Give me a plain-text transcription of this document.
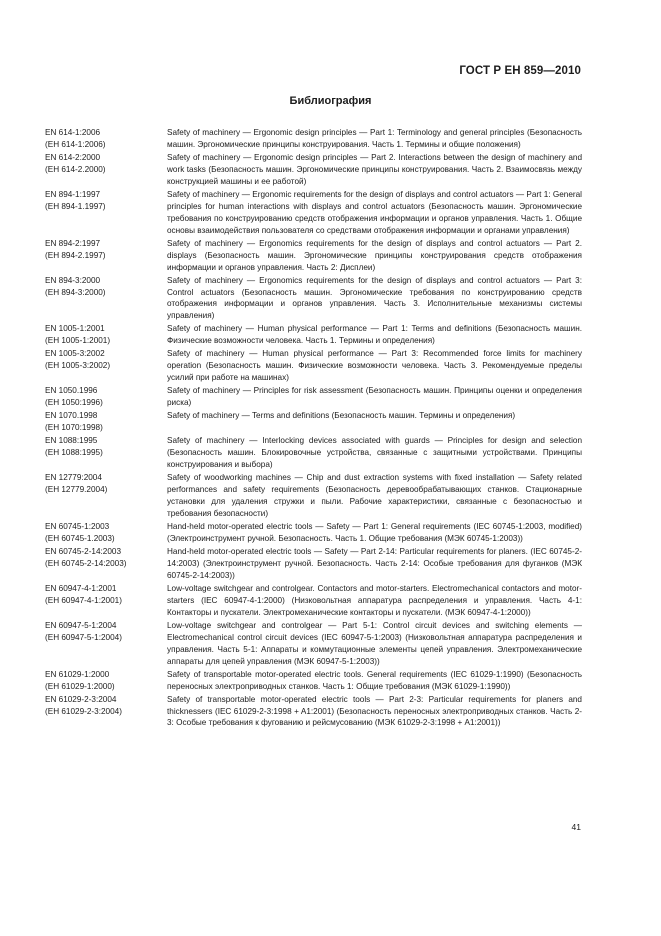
ГОСТ Р ЕН 859—2010
Библиография
EN 614-1:2006
(ЕН 614-1:2006)
Safety of machinery — Ergonomic design principles — Part 1: Terminology and general principles (Безопасность машин. Эргономические принципы конструирования. Часть 1. Термины и общие положения)
EN 614-2:2000
(ЕН 614-2.2000)
Safety of machinery — Ergonomic design principles — Part 2. Interactions between the design of machinery and work tasks (Безопасность машин. Эргономические принципы конструирования. Часть 2. Взаимосвязь между конструкцией машины и ее работой)
EN 894-1:1997
(ЕН 894-1.1997)
Safety of machinery — Ergonomic requirements for the design of displays and control actuators — Part 1: General principles for human interactions with displays and control actuators (Безопасность машин. Эргономические требования по конструированию средств отображения информации и органов управления. Часть 1. Общие основы взаимодействия пользователя со средствами отображения информации и органами управления)
EN 894-2:1997
(ЕН 894-2.1997)
Safety of machinery — Ergonomics requirements for the design of displays and control actuators — Part 2. displays (Безопасность машин. Эргономические принципы конструирования средств отображения информации и органов управления. Часть 2: Дисплеи)
EN 894-3:2000
(ЕН 894-3:2000)
Safety of machinery — Ergonomics requirements for the design of displays and control actuators — Part 3: Control actuators (Безопасность машин. Эргономические требования по конструированию средств отображения информации и органов управления. Часть 3. Исполнительные механизмы системы управления)
EN 1005-1:2001
(ЕН 1005-1:2001)
Safety of machinery — Human physical performance — Part 1: Terms and definitions (Безопасность машин. Физические возможности человека. Часть 1. Термины и определения)
EN 1005-3:2002
(ЕН 1005-3:2002)
Safety of machinery — Human physical performance — Part 3: Recommended force limits for machinery operation (Безопасность машин. Физические возможности человека. Часть 3. Рекомендуемые пределы усилий при работе на машинах)
EN 1050.1996
(ЕН 1050:1996)
Safety of machinery — Principles for risk assessment (Безопасность машин. Принципы оценки и определения риска)
EN 1070.1998
(ЕН 1070:1998)
Safety of machinery — Terms and definitions (Безопасность машин. Термины и определения)
EN 1088:1995
(ЕН 1088:1995)
Safety of machinery — Interlocking devices associated with guards — Principles for design and selection (Безопасность машин. Блокировочные устройства, связанные с защитными устройствами. Принципы конструирования и выбора)
EN 12779:2004
(ЕН 12779.2004)
Safety of woodworking machines — Chip and dust extraction systems with fixed installation — Safety related performances and safety requirements (Безопасность деревообрабатывающих станков. Стационарные установки для удаления стружки и пыли. Рабочие характеристики, связанные с безопасностью и требования безопасности)
EN 60745-1:2003
(ЕН 60745-1.2003)
Hand-held motor-operated electric tools — Safety — Part 1: General requirements (IEC 60745-1:2003, modified) (Электроинструмент ручной. Безопасность. Часть 1. Общие требования (МЭК 60745-1:2003))
EN 60745-2-14:2003
(ЕН 60745-2-14:2003)
Hand-held motor-operated electric tools — Safety — Part 2-14: Particular requirements for planers. (IEC 60745-2-14:2003) (Электроинструмент ручной. Безопасность. Часть 2-14: Особые требования для фуганков (МЭК 60745-2-14:2003))
EN 60947-4-1:2001
(ЕН 60947-4-1:2001)
Low-voltage switchgear and controlgear. Contactors and motor-starters. Electromechanical contactors and motor-starters (IEC 60947-4-1:2000) (Низковольтная аппаратура распределения и управления. Часть 4-1: Контакторы и пускатели. Электромеханические контакторы и пускатели. (МЭК 60947-4-1:2000))
EN 60947-5-1:2004
(ЕН 60947-5-1:2004)
Low-voltage switchgear and controlgear — Part 5-1: Control circuit devices and switching elements — Electromechanical control circuit devices (IEC 60947-5-1:2003) (Низковольтная аппаратура распределения и управления. Часть 5-1: Аппараты и коммутационные элементы цепей управления. Электромеханические аппараты для цепей управления (МЭК 60947-5-1:2003))
EN 61029-1:2000
(ЕН 61029-1:2000)
Safety of transportable motor-operated electric tools. General requirements (IEC 61029-1:1990) (Безопасность переносных электроприводных станков. Часть 1: Общие требования (МЭК 61029-1:1990))
EN 61029-2-3:2004
(ЕН 61029-2-3:2004)
Safety of transportable motor-operated electric tools — Part 2-3: Particular requirements for planers and thicknessers (IEC 61029-2-3:1998 + A1:2001) (Безопасность переносных электроприводных станков. Часть 2-3: Особые требования к фугованию и рейсмусованию (МЭК 61029-2-3:1998 + A1:2001))
41
